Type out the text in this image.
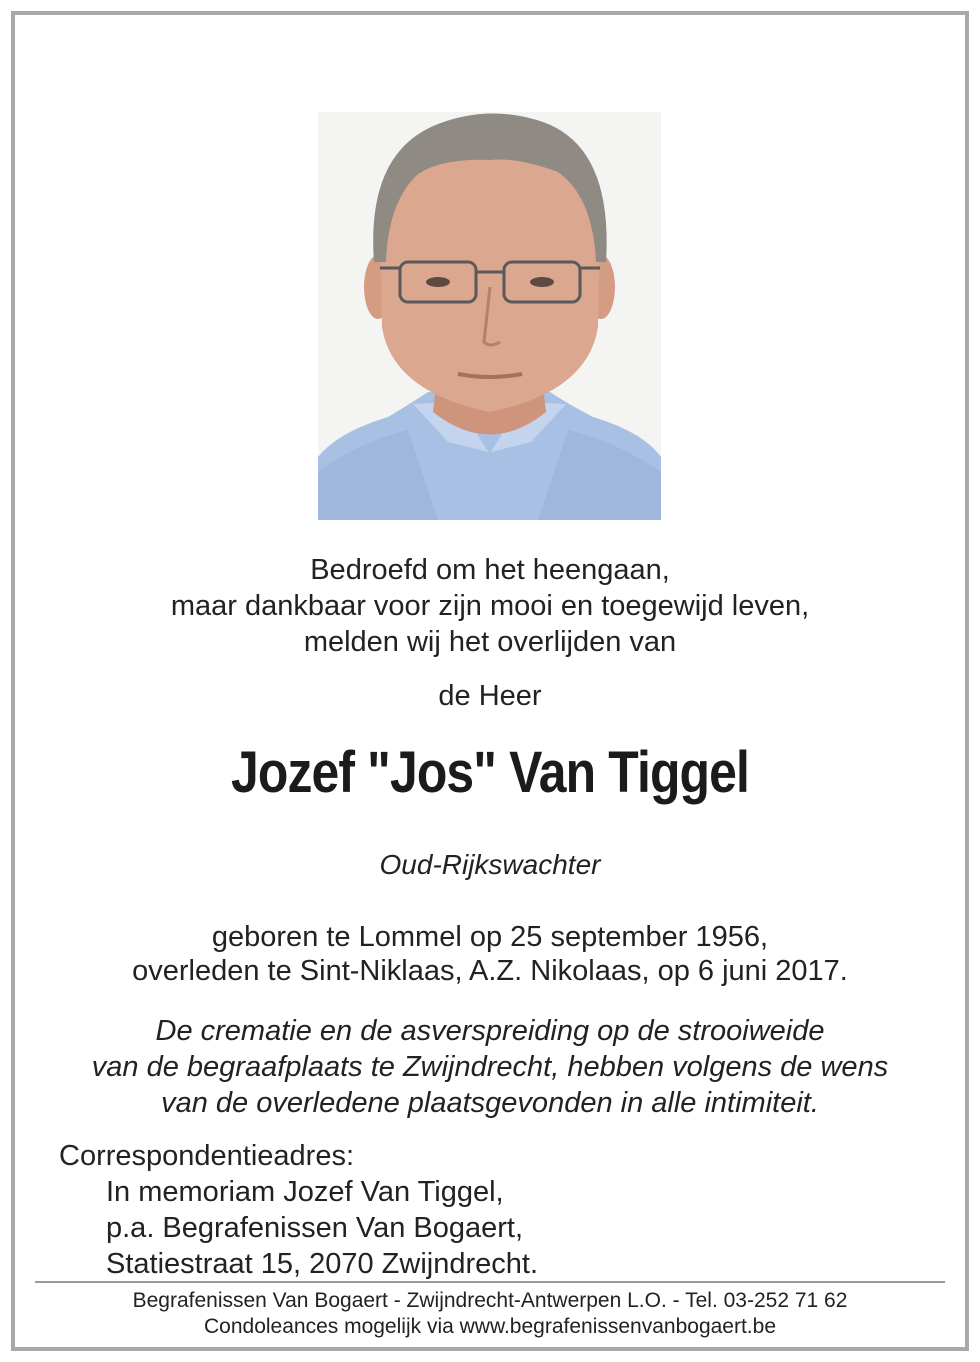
Bedroefd om het heengaan,
maar dankbaar voor zijn mooi en toegewijd leven,
melden wij het overlijden van
de Heer
Jozef "Jos" Van Tiggel
Oud-Rijkswachter
geboren te Lommel op 25 september 1956,
overleden te Sint-Niklaas, A.Z. Nikolaas, op 6 juni 2017.
De crematie en de asverspreiding op de strooiweide
van de begraafplaats te Zwijndrecht, hebben volgens de wens
van de overledene plaatsgevonden in alle intimiteit.
Correspondentieadres:
In memoriam Jozef Van Tiggel,
p.a. Begrafenissen Van Bogaert,
Statiestraat 15, 2070 Zwijndrecht.
Begrafenissen Van Bogaert - Zwijndrecht-Antwerpen L.O. - Tel. 03-252 71 62
Condoleances mogelijk via www.begrafenissenvanbogaert.be
